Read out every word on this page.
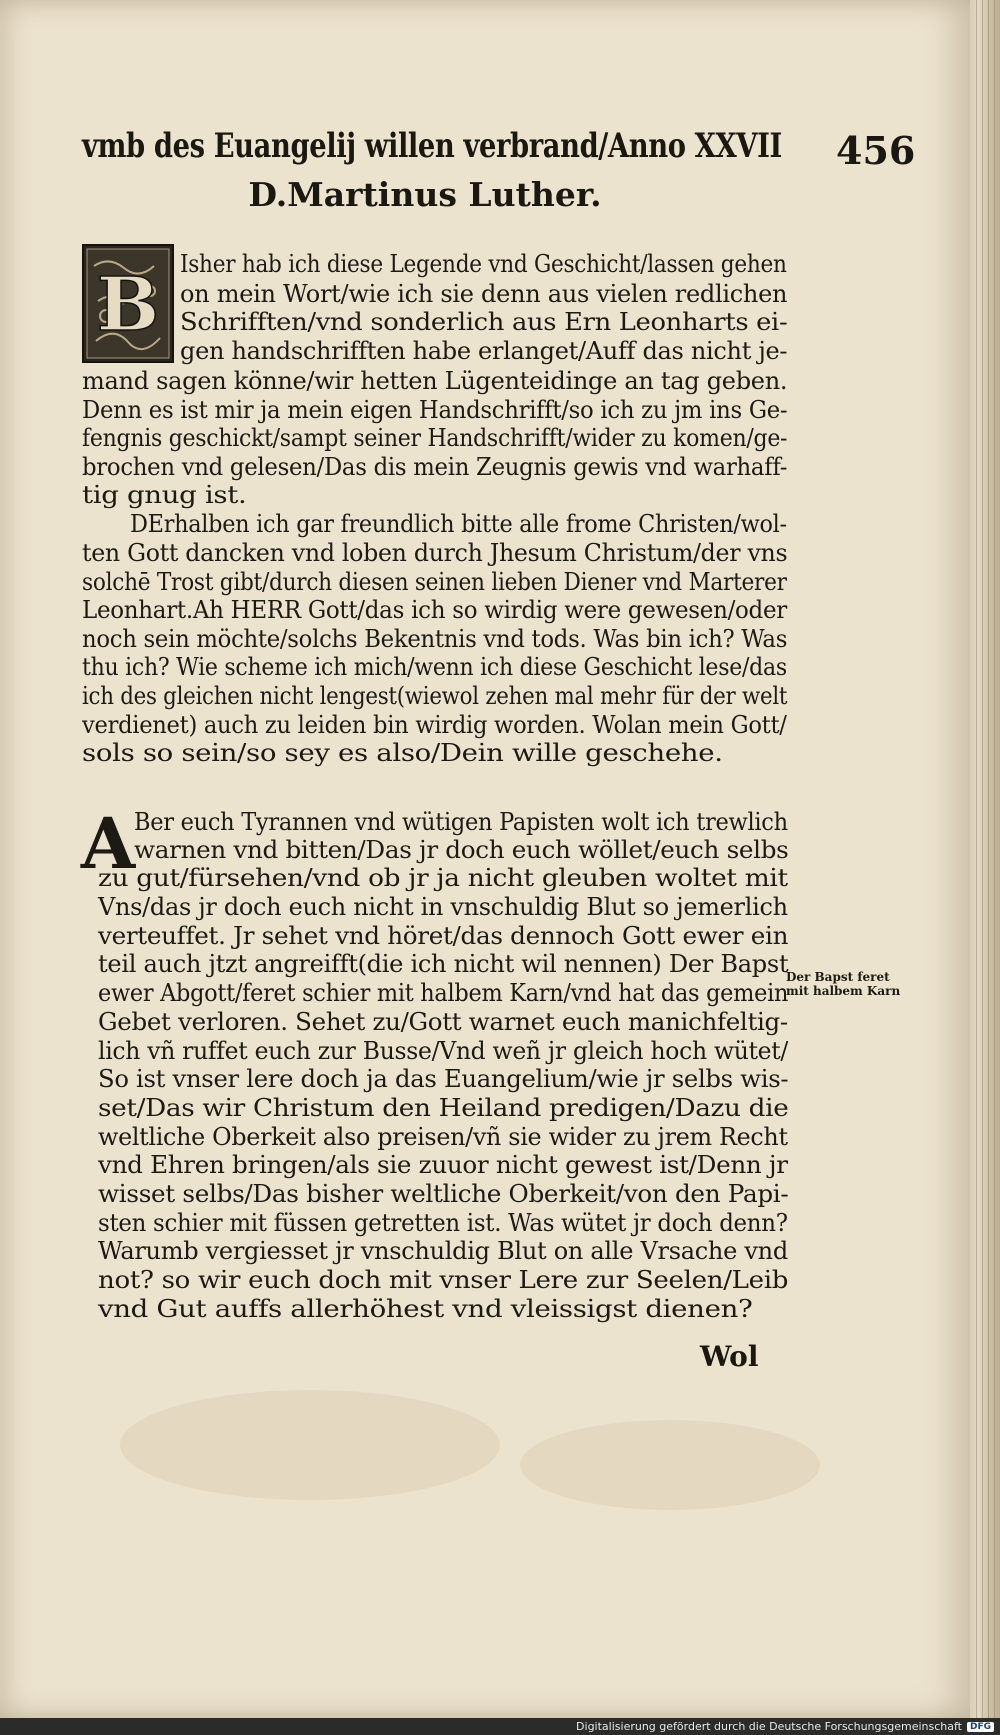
vmb des Euangelij willen verbrand/Anno XXVII 456
D.Martinus Luther.
B Isher hab ich diese Legende vnd Geschicht/lassen gehen
on mein Wort/wie ich sie denn aus vielen redlichen
Schrifften/vnd sonderlich aus Ern Leonharts ei-
gen handschrifften habe erlanget/Auff das nicht je-
mand sagen könne/wir hetten Lügenteidinge an tag geben.
Denn es ist mir ja mein eigen Handschrifft/so ich zu jm ins Ge-
fengnis geschickt/sampt seiner Handschrifft/wider zu komen/ge-
brochen vnd gelesen/Das dis mein Zeugnis gewis vnd warhaff-
tig gnug ist.
DErhalben ich gar freundlich bitte alle frome Christen/wol-
ten Gott dancken vnd loben durch Jhesum Christum/der vns
solchē Trost gibt/durch diesen seinen lieben Diener vnd Marterer
Leonhart.Ah HERR Gott/das ich so wirdig were gewesen/oder
noch sein möchte/solchs Bekentnis vnd tods. Was bin ich? Was
thu ich? Wie scheme ich mich/wenn ich diese Geschicht lese/das
ich des gleichen nicht lengest(wiewol zehen mal mehr für der welt
verdienet) auch zu leiden bin wirdig worden. Wolan mein Gott/
sols so sein/so sey es also/Dein wille geschehe.
A
Ber euch Tyrannen vnd wütigen Papisten wolt ich trewlich
warnen vnd bitten/Das jr doch euch wöllet/euch selbs
zu gut/fürsehen/vnd ob jr ja nicht gleuben woltet mit
Vns/das jr doch euch nicht in vnschuldig Blut so jemerlich
verteuffet. Jr sehet vnd höret/das dennoch Gott ewer ein
teil auch jtzt angreifft(die ich nicht wil nennen) Der Bapst
ewer Abgott/feret schier mit halbem Karn/vnd hat das gemein
Gebet verloren. Sehet zu/Gott warnet euch manichfeltig-
lich vñ ruffet euch zur Busse/Vnd weñ jr gleich hoch wütet/
So ist vnser lere doch ja das Euangelium/wie jr selbs wis-
set/Das wir Christum den Heiland predigen/Dazu die
weltliche Oberkeit also preisen/vñ sie wider zu jrem Recht
vnd Ehren bringen/als sie zuuor nicht gewest ist/Denn jr
wisset selbs/Das bisher weltliche Oberkeit/von den Papi-
sten schier mit füssen getretten ist. Was wütet jr doch denn?
Warumb vergiesset jr vnschuldig Blut on alle Vrsache vnd
not? so wir euch doch mit vnser Lere zur Seelen/Leib
vnd Gut auffs allerhöhest vnd vleissigst dienen?
Der Bapst feret
mit halbem Karn
Wol
Digitalisierung gefördert durch die Deutsche Forschungsgemeinschaft DFG
